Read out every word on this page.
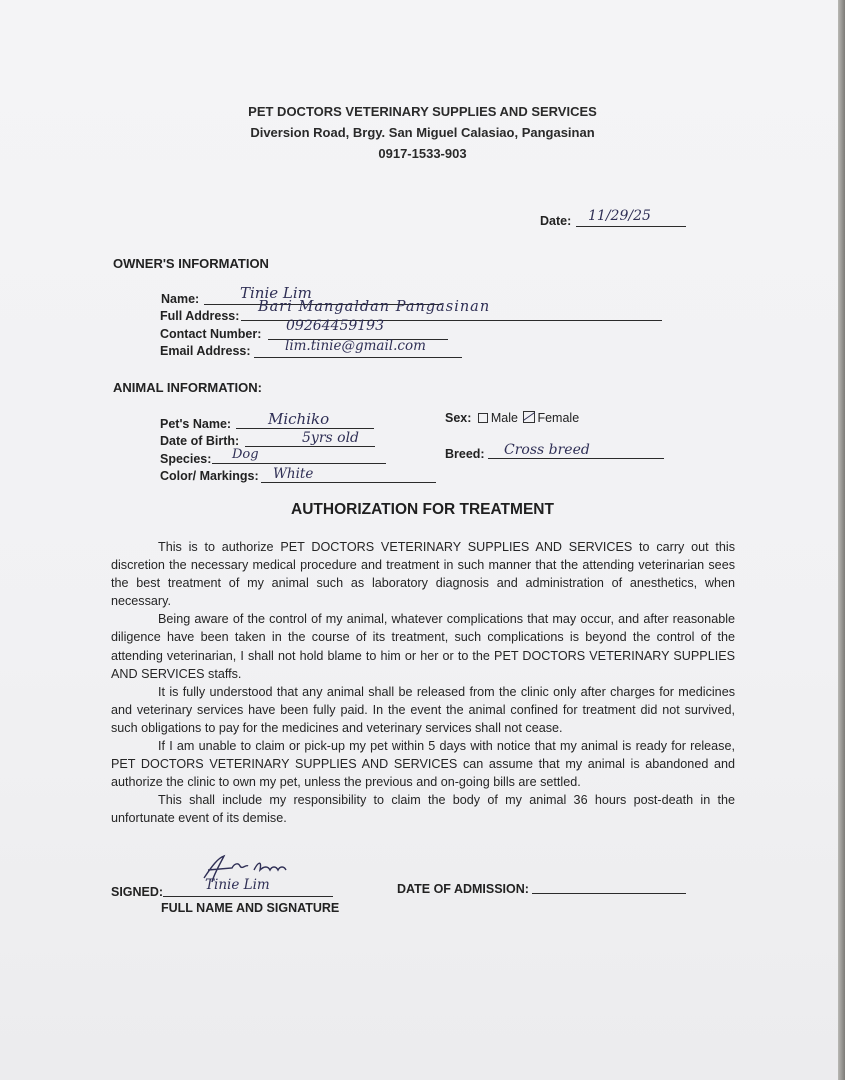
PET DOCTORS VETERINARY SUPPLIES AND SERVICES
Diversion Road, Brgy. San Miguel Calasiao, Pangasinan
0917-1533-903
Date: 11/29/25
OWNER'S INFORMATION
Name:	Tinie Lim
Full Address:
Bari Mangaldan Pangasinan
Contact Number: 09264459193
Email Address:	lim.tinie@gmail.com
ANIMAL INFORMATION:
Pet's Name: Michiko
Date of Birth:	5yrs old
Species: Dog
Color/ Markings: White
Sex: Male Female
Breed: Cross breed
AUTHORIZATION FOR TREATMENT

This is to authorize PET DOCTORS VETERINARY SUPPLIES AND SERVICES to carry out this discretion the necessary medical procedure and treatment in such manner that the attending veterinarian sees the best treatment of my animal such as laboratory diagnosis and administration of anesthetics, when necessary.

Being aware of the control of my animal, whatever complications that may occur, and after reasonable diligence have been taken in the course of its treatment, such complications is beyond the control of the attending veterinarian, I shall not hold blame to him or her or to the PET DOCTORS VETERINARY SUPPLIES AND SERVICES staffs.

It is fully understood that any animal shall be released from the clinic only after charges for medicines and veterinary services have been fully paid. In the event the animal confined for treatment did not survived, such obligations to pay for the medicines and veterinary services shall not cease.

If I am unable to claim or pick-up my pet within 5 days with notice that my animal is ready for release, PET DOCTORS VETERINARY SUPPLIES AND SERVICES can assume that my animal is abandoned and authorize the clinic to own my pet, unless the previous and on-going bills are settled.

This shall include my responsibility to claim the body of my animal 36 hours post-death in the unfortunate event of its demise.

SIGNED:	Tinie Lim
FULL NAME AND SIGNATURE
DATE OF ADMISSION:
